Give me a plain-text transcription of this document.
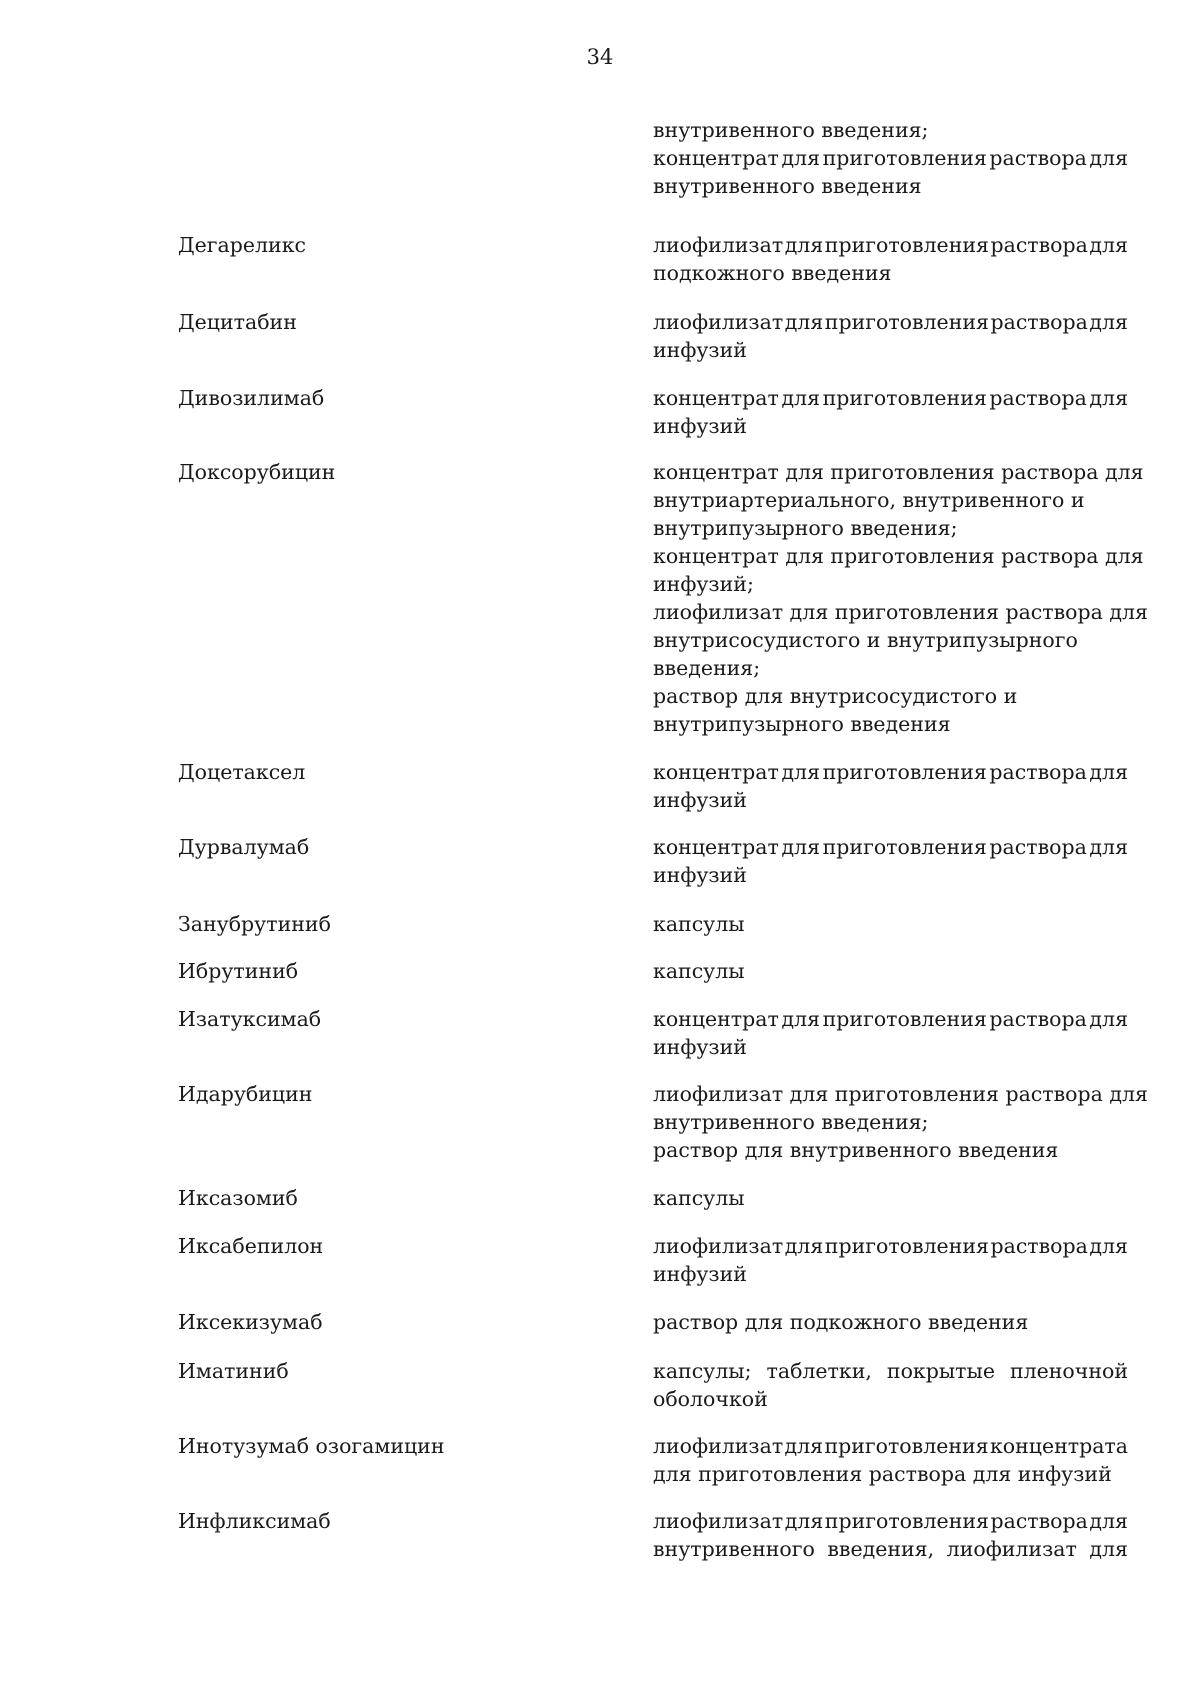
34
внутривенного введения;
концентрат для приготовления раствора для
внутривенного введения
Дегареликс	лиофилизат для приготовления раствора для
подкожного введения
Децитабин	лиофилизат для приготовления раствора для
инфузий
Дивозилимаб	концентрат для приготовления раствора для
инфузий
Доксорубицин	концентрат для приготовления раствора для
внутриартериального, внутривенного и
внутрипузырного введения;
концентрат для приготовления раствора для
инфузий;
лиофилизат для приготовления раствора для
внутрисосудистого и внутрипузырного
введения;
раствор для внутрисосудистого и
внутрипузырного введения
Доцетаксел	концентрат для приготовления раствора для
инфузий
Дурвалумаб	концентрат для приготовления раствора для
инфузий
Занубрутиниб	капсулы
Ибрутиниб	капсулы
Изатуксимаб	концентрат для приготовления раствора для
инфузий
Идарубицин	лиофилизат для приготовления раствора для
внутривенного введения;
раствор для внутривенного введения
Иксазомиб	капсулы
Иксабепилон	лиофилизат для приготовления раствора для
инфузий
Иксекизумаб	раствор для подкожного введения
Иматиниб	капсулы; таблетки, покрытые пленочной
оболочкой
Инотузумаб озогамицин	лиофилизат для приготовления концентрата
для приготовления раствора для инфузий
Инфликсимаб	лиофилизат для приготовления раствора для
внутривенного введения, лиофилизат для
